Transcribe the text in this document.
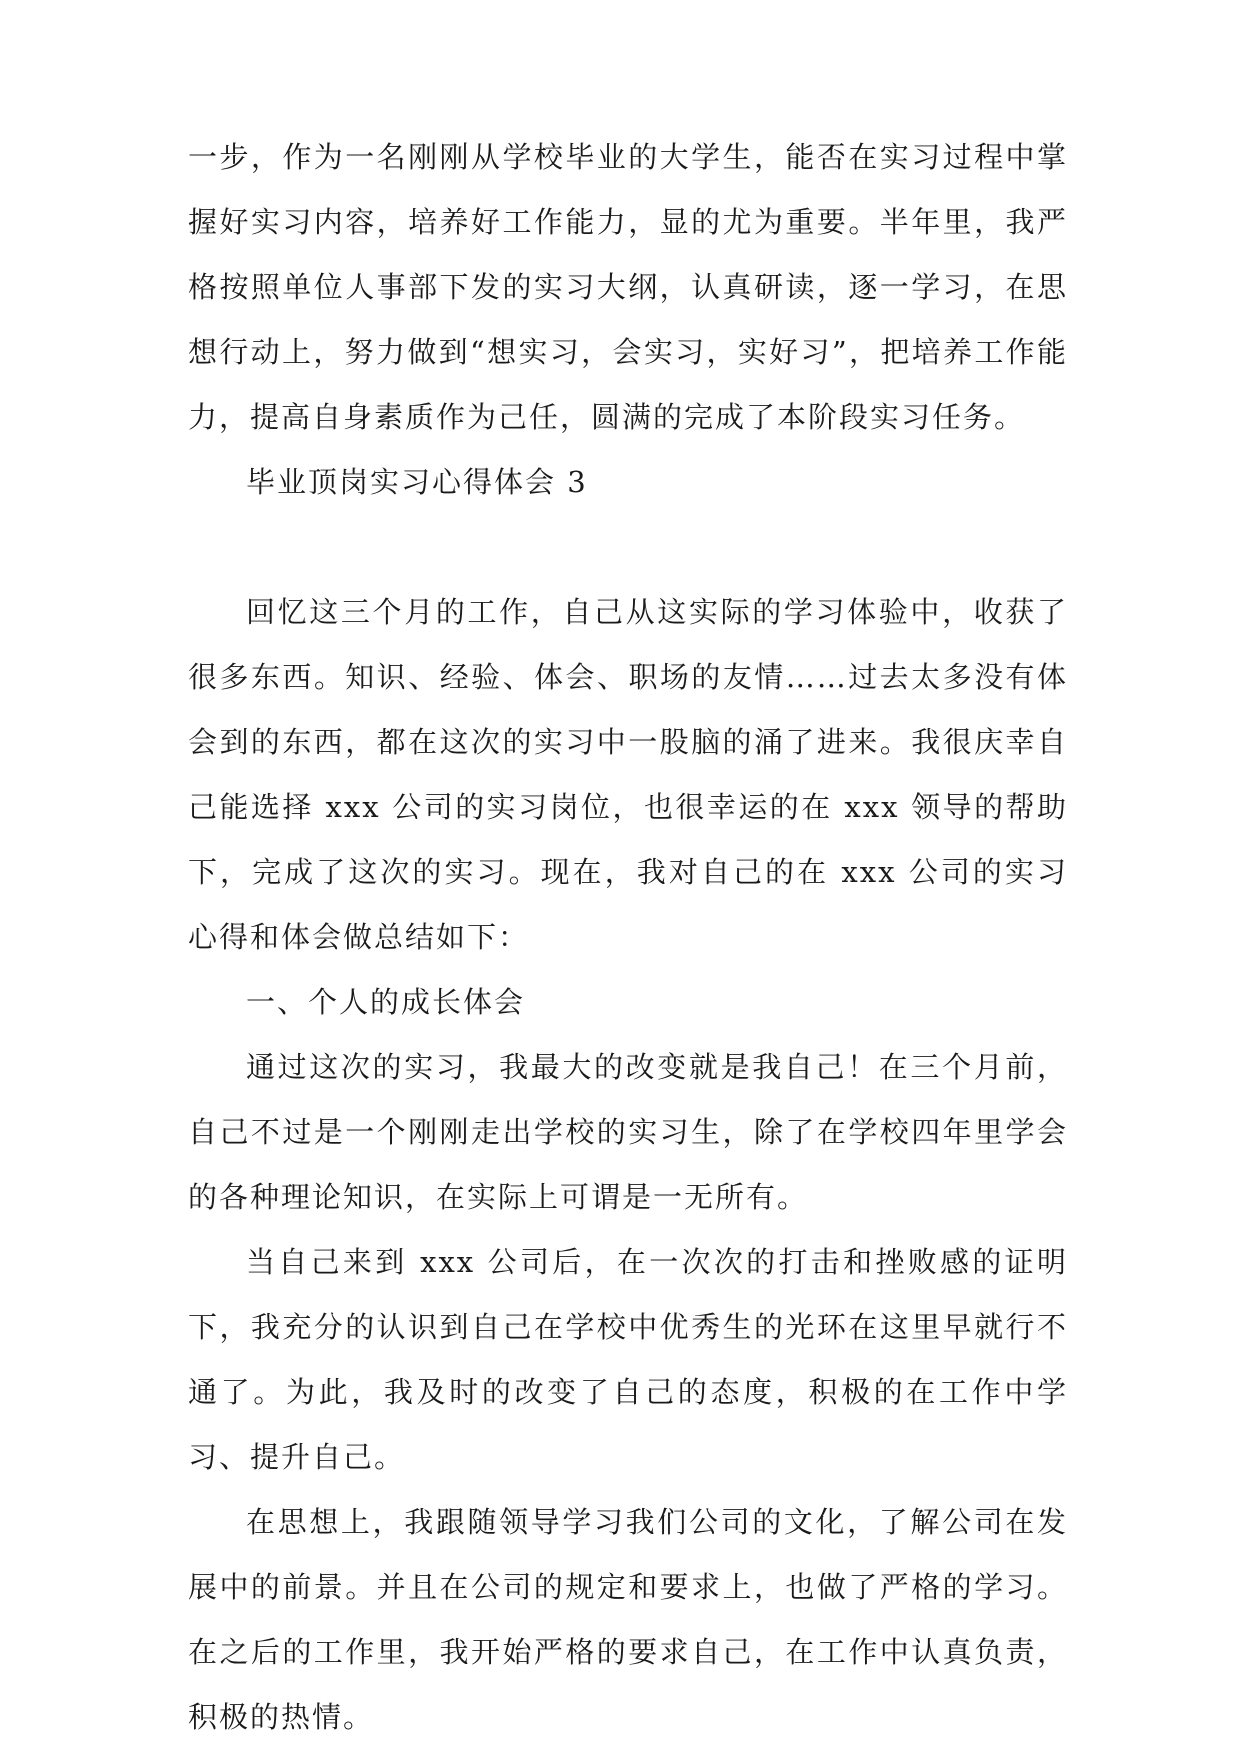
一步，作为一名刚刚从学校毕业的大学生，能否在实习过程中掌握好实习内容，培养好工作能力，显的尤为重要。半年里，我严格按照单位人事部下发的实习大纲，认真研读，逐一学习，在思想行动上，努力做到“想实习，会实习，实好习”，把培养工作能力，提高自身素质作为己任，圆满的完成了本阶段实习任务。

毕业顶岗实习心得体会 3

回忆这三个月的工作，自己从这实际的学习体验中，收获了很多东西。知识、经验、体会、职场的友情……过去太多没有体会到的东西，都在这次的实习中一股脑的涌了进来。我很庆幸自己能选择 xxx 公司的实习岗位，也很幸运的在 xxx 领导的帮助下，完成了这次的实习。现在，我对自己的在 xxx 公司的实习心得和体会做总结如下：

一、个人的成长体会

通过这次的实习，我最大的改变就是我自己！在三个月前，自己不过是一个刚刚走出学校的实习生，除了在学校四年里学会的各种理论知识，在实际上可谓是一无所有。

当自己来到 xxx 公司后，在一次次的打击和挫败感的证明下，我充分的认识到自己在学校中优秀生的光环在这里早就行不通了。为此，我及时的改变了自己的态度，积极的在工作中学习、提升自己。

在思想上，我跟随领导学习我们公司的文化，了解公司在发展中的前景。并且在公司的规定和要求上，也做了严格的学习。在之后的工作里，我开始严格的要求自己，在工作中认真负责，积极的热情。
